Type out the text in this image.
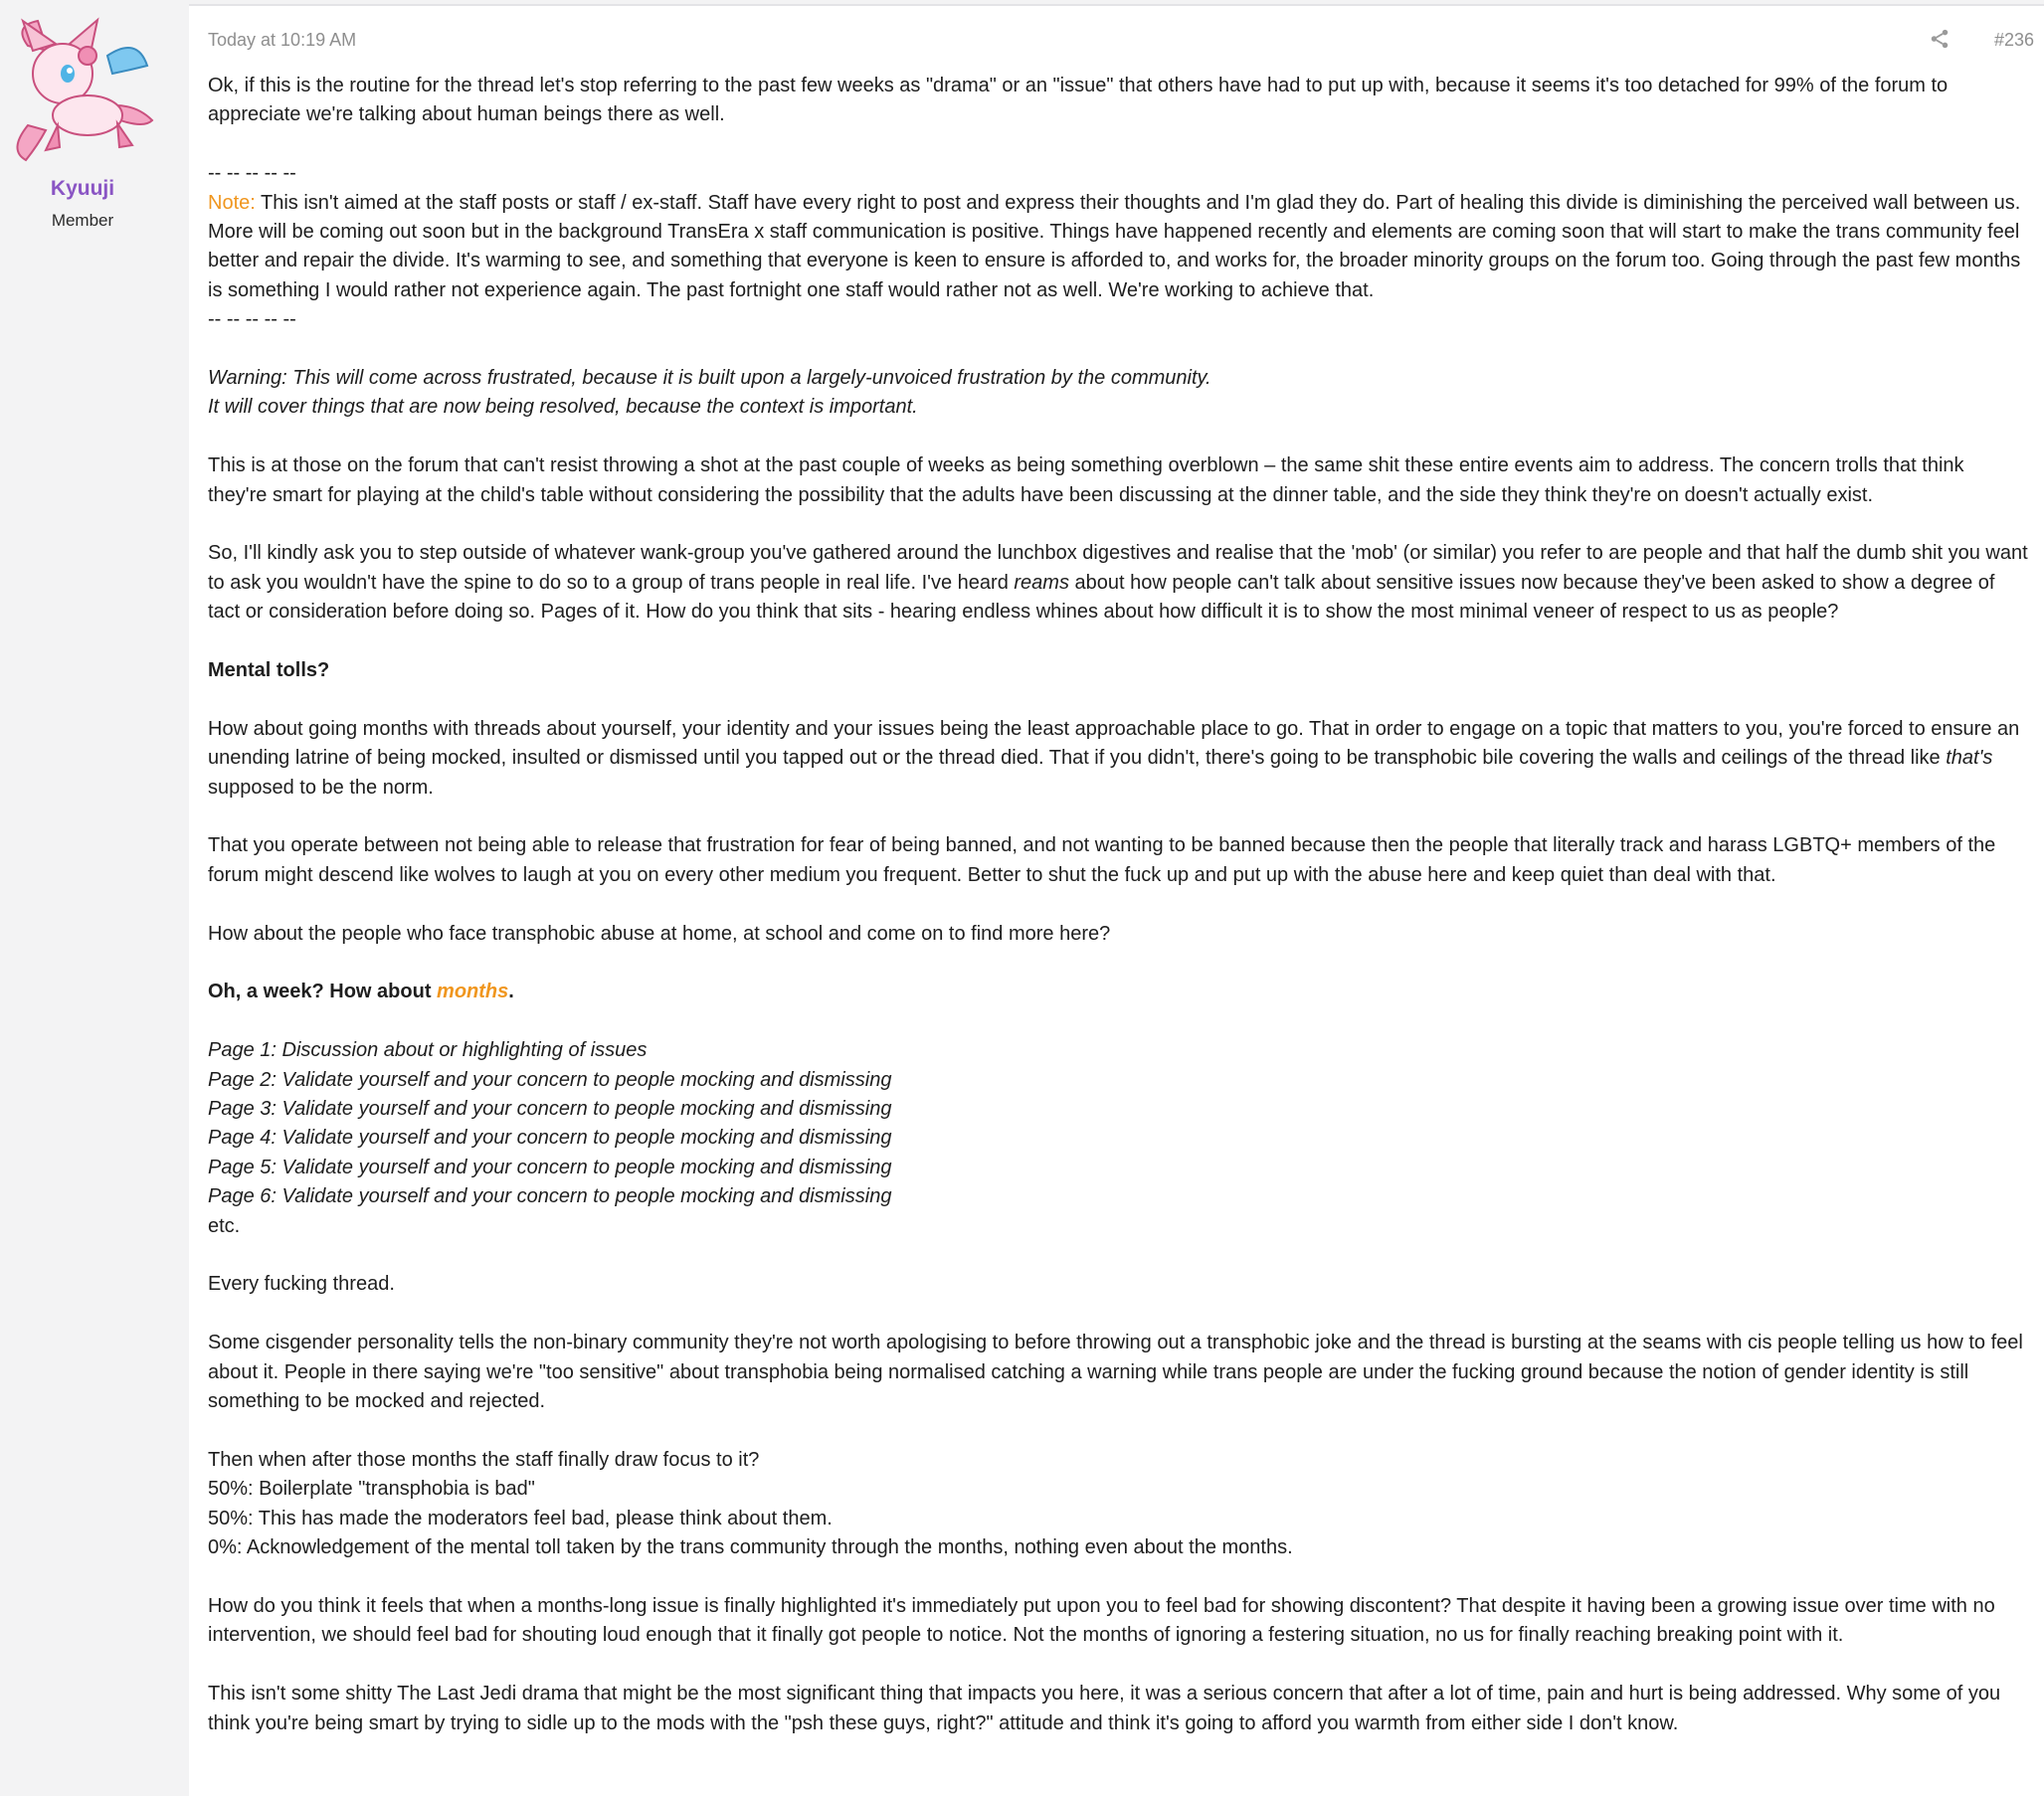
Kyuuji
Member
Today at 10:19 AM	#236

Ok, if this is the routine for the thread let's stop referring to the past few weeks as "drama" or an "issue" that others have had to put up with, because it seems it's too detached for 99% of the forum to appreciate we're talking about human beings there as well.

-- -- -- -- --
Note: This isn't aimed at the staff posts or staff / ex-staff. Staff have every right to post and express their thoughts and I'm glad they do. Part of healing this divide is diminishing the perceived wall between us. More will be coming out soon but in the background TransEra x staff communication is positive. Things have happened recently and elements are coming soon that will start to make the trans community feel better and repair the divide. It's warming to see, and something that everyone is keen to ensure is afforded to, and works for, the broader minority groups on the forum too. Going through the past few months is something I would rather not experience again. The past fortnight one staff would rather not as well. We're working to achieve that.
-- -- -- -- --

Warning: This will come across frustrated, because it is built upon a largely-unvoiced frustration by the community.
It will cover things that are now being resolved, because the context is important.

This is at those on the forum that can't resist throwing a shot at the past couple of weeks as being something overblown – the same shit these entire events aim to address. The concern trolls that think they're smart for playing at the child's table without considering the possibility that the adults have been discussing at the dinner table, and the side they think they're on doesn't actually exist.

So, I'll kindly ask you to step outside of whatever wank-group you've gathered around the lunchbox digestives and realise that the 'mob' (or similar) you refer to are people and that half the dumb shit you want to ask you wouldn't have the spine to do so to a group of trans people in real life. I've heard reams about how people can't talk about sensitive issues now because they've been asked to show a degree of tact or consideration before doing so. Pages of it. How do you think that sits - hearing endless whines about how difficult it is to show the most minimal veneer of respect to us as people?

Mental tolls?

How about going months with threads about yourself, your identity and your issues being the least approachable place to go. That in order to engage on a topic that matters to you, you're forced to ensure an unending latrine of being mocked, insulted or dismissed until you tapped out or the thread died. That if you didn't, there's going to be transphobic bile covering the walls and ceilings of the thread like that's supposed to be the norm.

That you operate between not being able to release that frustration for fear of being banned, and not wanting to be banned because then the people that literally track and harass LGBTQ+ members of the forum might descend like wolves to laugh at you on every other medium you frequent. Better to shut the fuck up and put up with the abuse here and keep quiet than deal with that.

How about the people who face transphobic abuse at home, at school and come on to find more here?

Oh, a week? How about months.

Page 1: Discussion about or highlighting of issues
Page 2: Validate yourself and your concern to people mocking and dismissing
Page 3: Validate yourself and your concern to people mocking and dismissing
Page 4: Validate yourself and your concern to people mocking and dismissing
Page 5: Validate yourself and your concern to people mocking and dismissing
Page 6: Validate yourself and your concern to people mocking and dismissing
etc.

Every fucking thread.

Some cisgender personality tells the non-binary community they're not worth apologising to before throwing out a transphobic joke and the thread is bursting at the seams with cis people telling us how to feel about it. People in there saying we're "too sensitive" about transphobia being normalised catching a warning while trans people are under the fucking ground because the notion of gender identity is still something to be mocked and rejected.

Then when after those months the staff finally draw focus to it?
50%: Boilerplate "transphobia is bad"
50%: This has made the moderators feel bad, please think about them.
0%: Acknowledgement of the mental toll taken by the trans community through the months, nothing even about the months.

How do you think it feels that when a months-long issue is finally highlighted it's immediately put upon you to feel bad for showing discontent? That despite it having been a growing issue over time with no intervention, we should feel bad for shouting loud enough that it finally got people to notice. Not the months of ignoring a festering situation, no us for finally reaching breaking point with it.

This isn't some shitty The Last Jedi drama that might be the most significant thing that impacts you here, it was a serious concern that after a lot of time, pain and hurt is being addressed. Why some of you think you're being smart by trying to sidle up to the mods with the "psh these guys, right?" attitude and think it's going to afford you warmth from either side I don't know.
